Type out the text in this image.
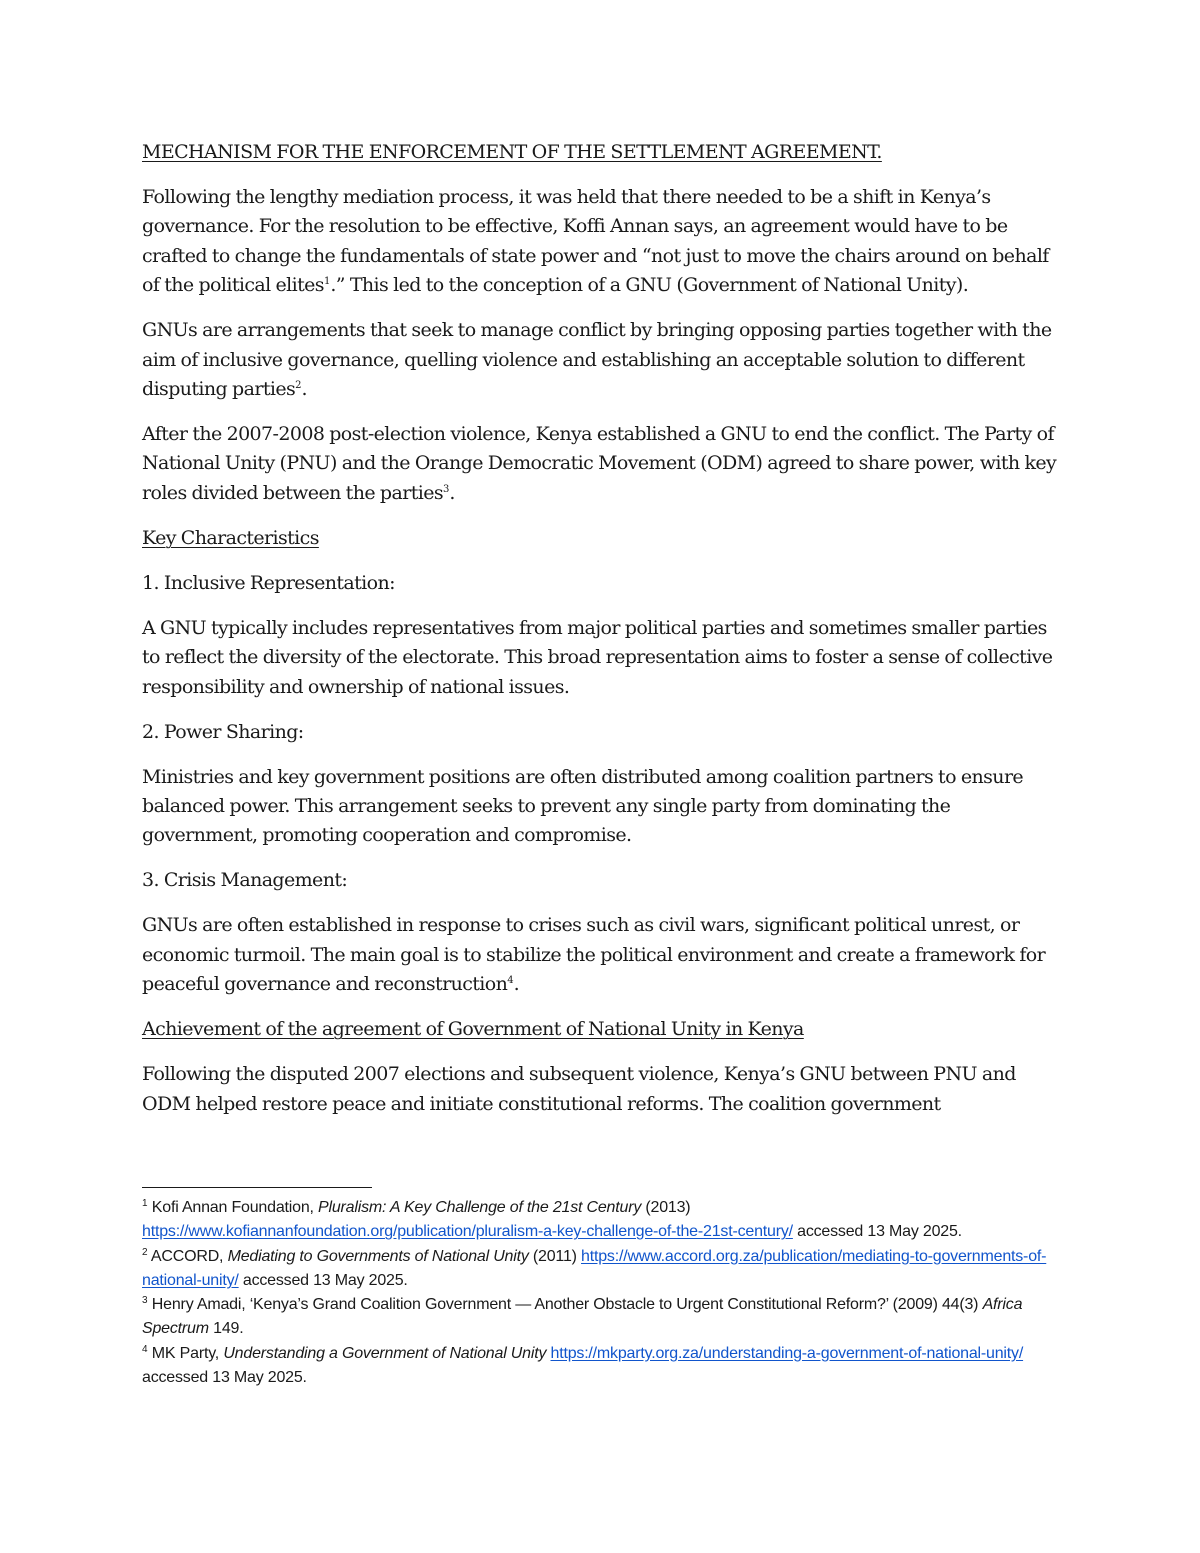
MECHANISM FOR THE ENFORCEMENT OF THE SETTLEMENT AGREEMENT.

Following the lengthy mediation process, it was held that there needed to be a shift in Kenya’s governance. For the resolution to be effective, Koffi Annan says, an agreement would have to be crafted to change the fundamentals of state power and “not just to move the chairs around on behalf of the political elites$^1$.” This led to the conception of a GNU (Government of National Unity).

GNUs are arrangements that seek to manage conflict by bringing opposing parties together with the aim of inclusive governance, quelling violence and establishing an acceptable solution to different disputing parties$^2$.

After the 2007-2008 post-election violence, Kenya established a GNU to end the conflict. The Party of National Unity (PNU) and the Orange Democratic Movement (ODM) agreed to share power, with key roles divided between the parties$^3$.

Key Characteristics

1. Inclusive Representation:

A GNU typically includes representatives from major political parties and sometimes smaller parties to reflect the diversity of the electorate. This broad representation aims to foster a sense of collective responsibility and ownership of national issues.

2. Power Sharing:

Ministries and key government positions are often distributed among coalition partners to ensure balanced power. This arrangement seeks to prevent any single party from dominating the government, promoting cooperation and compromise.

3. Crisis Management:

GNUs are often established in response to crises such as civil wars, significant political unrest, or economic turmoil. The main goal is to stabilize the political environment and create a framework for peaceful governance and reconstruction$^4$.

Achievement of the agreement of Government of National Unity in Kenya

Following the disputed 2007 elections and subsequent violence, Kenya’s GNU between PNU and ODM helped restore peace and initiate constitutional reforms. The coalition government

$^1$ Kofi Annan Foundation, Pluralism: A Key Challenge of the 21st Century (2013) https://www.kofiannanfoundation.org/publication/pluralism-a-key-challenge-of-the-21st-century/ accessed 13 May 2025.

$^2$ ACCORD, Mediating to Governments of National Unity (2011) https://www.accord.org.za/publication/mediating-to-governments-of-national-unity/ accessed 13 May 2025.

$^3$ Henry Amadi, ‘Kenya’s Grand Coalition Government — Another Obstacle to Urgent Constitutional Reform?’ (2009) 44(3) Africa Spectrum 149.

$^4$ MK Party, Understanding a Government of National Unity https://mkparty.org.za/understanding-a-government-of-national-unity/ accessed 13 May 2025.
